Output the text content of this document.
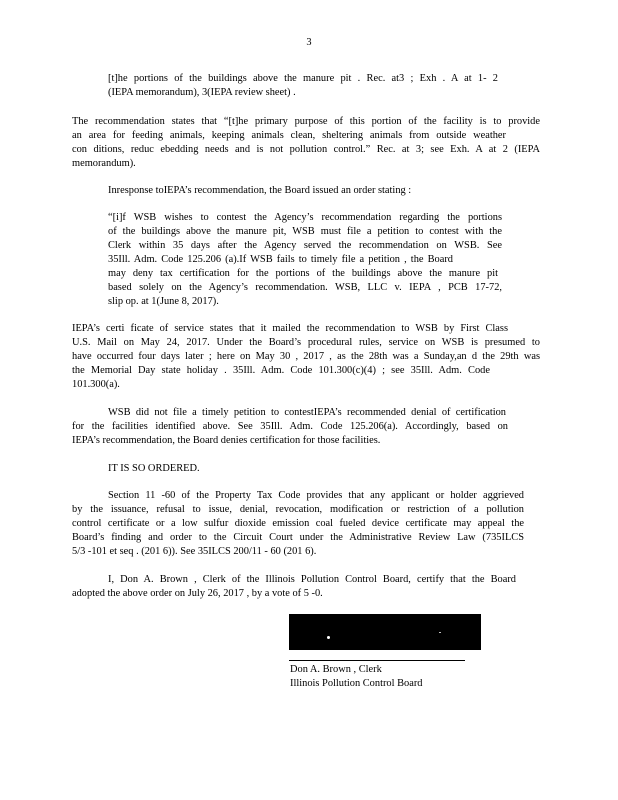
3
[t]he portions of the buildings above the manure pit . Rec. at3 ; Exh . A at 1- 2
(IEPA memorandum), 3(IEPA review sheet) .
The recommendation states that “[t]he primary purpose of this portion of the facility is to provide
an area for feeding animals, keeping animals clean, sheltering animals from outside weather
con ditions, reduc ebedding needs and is not pollution control.” Rec. at 3; see Exh. A at 2 (IEPA
memorandum).
Inresponse toIEPA’s recommendation, the Board issued an order stating :
“[i]f WSB wishes to contest the Agency’s recommendation regarding the portions
of the buildings above the manure pit, WSB must file a petition to contest with the
Clerk within 35 days after the Agency served the recommendation on WSB. See
35Ill. Adm. Code 125.206 (a).If WSB fails to timely file a petition , the Board
may deny tax certification for the portions of the buildings above the manure pit
based solely on the Agency’s recommendation. WSB, LLC v. IEPA , PCB 17-72,
slip op. at 1(June 8, 2017).
IEPA’s certi ficate of service states that it mailed the recommendation to WSB by First Class
U.S. Mail on May 24, 2017. Under the Board’s procedural rules, service on WSB is presumed to
have occurred four days later ; here on May 30 , 2017 , as the 28th was a Sunday,an d the 29th was
the Memorial Day state holiday . 35Ill. Adm. Code 101.300(c)(4) ; see 35Ill. Adm. Code
101.300(a).
WSB did not file a timely petition to contestIEPA’s recommended denial of certification
for the facilities identified above. See 35Ill. Adm. Code 125.206(a). Accordingly, based on
IEPA’s recommendation, the Board denies certification for those facilities.
IT IS SO ORDERED.
Section 11 -60 of the Property Tax Code provides that any applicant or holder aggrieved
by the issuance, refusal to issue, denial, revocation, modification or restriction of a pollution
control certificate or a low sulfur dioxide emission coal fueled device certificate may appeal the
Board’s finding and order to the Circuit Court under the Administrative Review Law (735ILCS
5/3 -101 et seq . (201 6)). See 35ILCS 200/11 - 60 (201 6).
I, Don A. Brown , Clerk of the Illinois Pollution Control Board, certify that the Board
adopted the above order on July 26, 2017 , by a vote of 5 -0.
Don A. Brown , Clerk
Illinois Pollution Control Board
